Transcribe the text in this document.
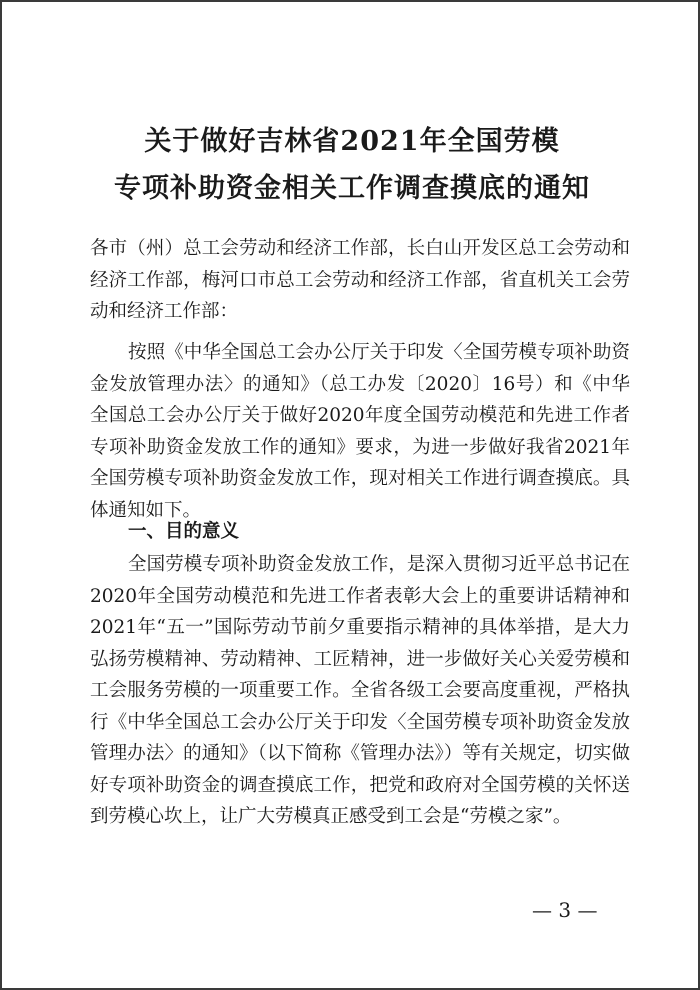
关于做好吉林省2021年全国劳模
专项补助资金相关工作调查摸底的通知

各市（州）总工会劳动和经济工作部，长白山开发区总工会劳动和经济工作部，梅河口市总工会劳动和经济工作部，省直机关工会劳动和经济工作部：

按照《中华全国总工会办公厅关于印发〈全国劳模专项补助资金发放管理办法〉的通知》（总工办发〔2020〕16号）和《中华全国总工会办公厅关于做好2020年度全国劳动模范和先进工作者专项补助资金发放工作的通知》要求，为进一步做好我省2021年全国劳模专项补助资金发放工作，现对相关工作进行调查摸底。具体通知如下。

一、目的意义

全国劳模专项补助资金发放工作，是深入贯彻习近平总书记在2020年全国劳动模范和先进工作者表彰大会上的重要讲话精神和2021年“五一”国际劳动节前夕重要指示精神的具体举措，是大力弘扬劳模精神、劳动精神、工匠精神，进一步做好关心关爱劳模和工会服务劳模的一项重要工作。全省各级工会要高度重视，严格执行《中华全国总工会办公厅关于印发〈全国劳模专项补助资金发放管理办法〉的通知》（以下简称《管理办法》）等有关规定，切实做好专项补助资金的调查摸底工作，把党和政府对全国劳模的关怀送到劳模心坎上，让广大劳模真正感受到工会是“劳模之家”。

— 3 —
